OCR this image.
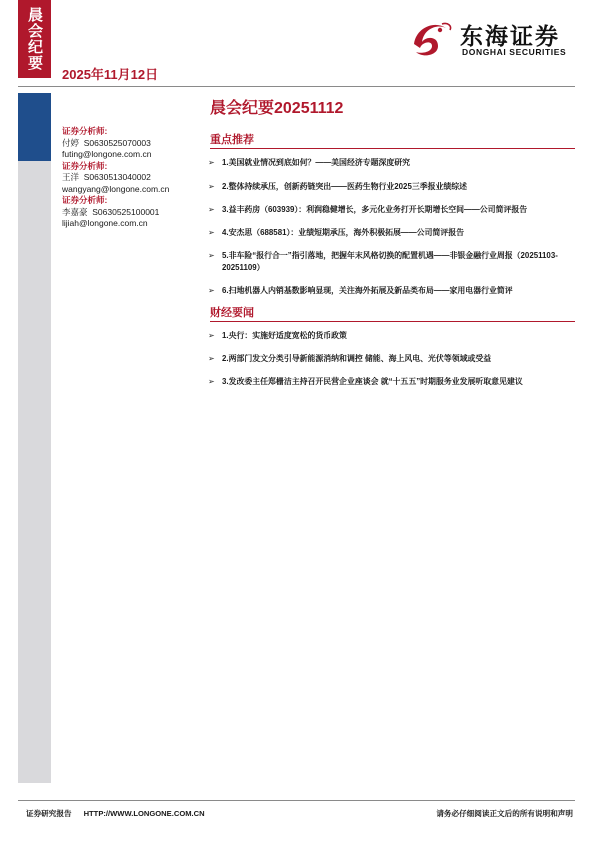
晨会纪要
2025年11月12日
东海证券
DONGHAI SECURITIES
证券分析师:
付婷 S0630525070003
futing@longone.com.cn
证券分析师:
王洋 S0630513040002
wangyang@longone.com.cn
证券分析师:
李嘉豪 S0630525100001
lijiah@longone.com.cn
晨会纪要20251112
重点推荐
➢ 1.美国就业情况到底如何？——美国经济专题深度研究
➢ 2.整体持续承压，创新药链突出——医药生物行业2025三季报业绩综述
➢ 3.益丰药房（603939）：利润稳健增长，多元化业务打开长期增长空间——公司简评报告
➢ 4.安杰思（688581）：业绩短期承压，海外积极拓展——公司简评报告
➢ 5.非车险“报行合一”指引落地，把握年末风格切换的配置机遇——非银金融行业周报（20251103-20251109）
➢ 6.扫地机器人内销基数影响显现，关注海外拓展及新品类布局——家用电器行业简评
财经要闻
➢ 1.央行：实施好适度宽松的货币政策
➢ 2.两部门发文分类引导新能源消纳和调控 储能、海上风电、光伏等领域或受益
➢ 3.发改委主任郑栅洁主持召开民营企业座谈会 就“十五五”时期服务业发展听取意见建议
证券研究报告 HTTP://WWW.LONGONE.COM.CN	请务必仔细阅读正文后的所有说明和声明
